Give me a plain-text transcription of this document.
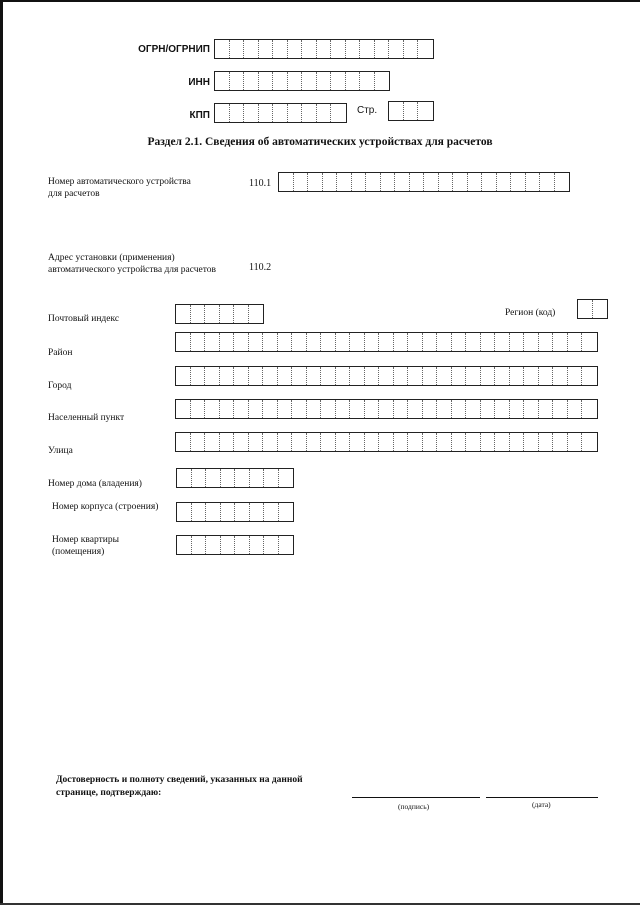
ОГРН/ОГРНИП
ИНН
КПП	Стр.
Раздел 2.1. Сведения об автоматических устройствах для расчетов
Номер автоматического устройства для расчетов
110.1
Адрес установки (применения) автоматического устройства для расчетов	110.2
Почтовый индекс
Регион (код)
Район
Город
Населенный пункт
Улица
Номер дома (владения)
Номер корпуса (строения)
Номер квартиры (помещения)
Достоверность и полноту сведений, указанных на данной странице, подтверждаю:
(подпись)	(дата)
